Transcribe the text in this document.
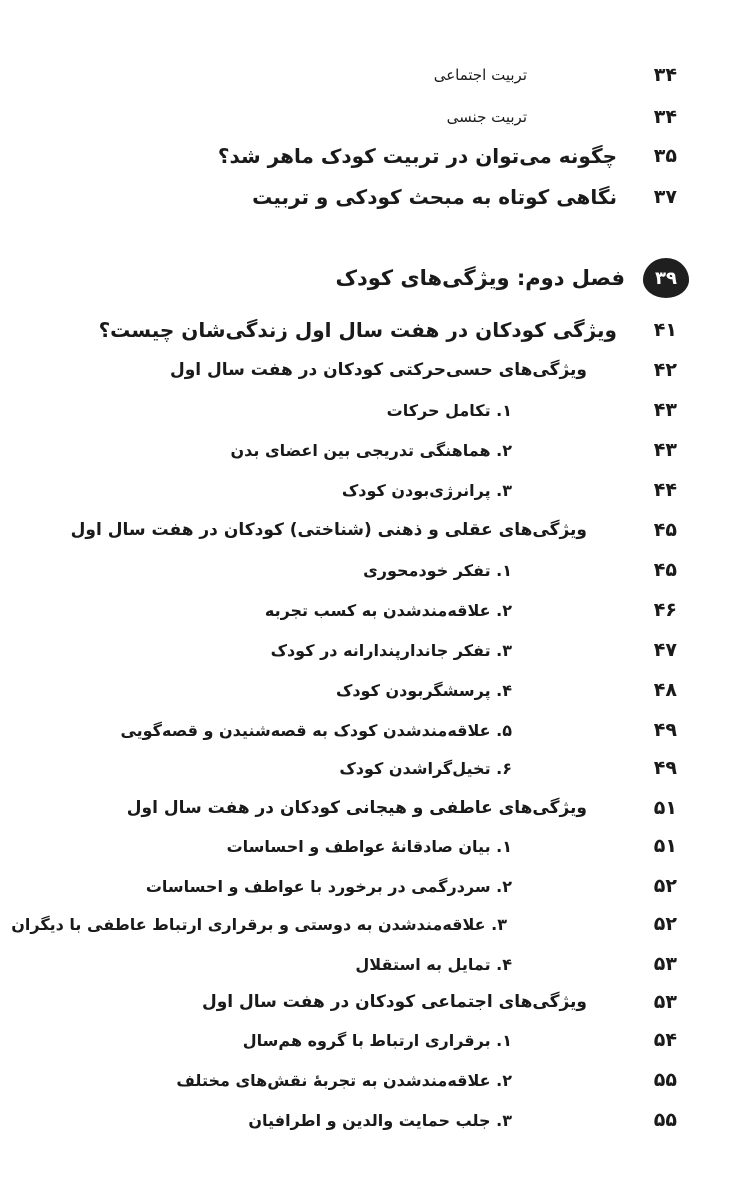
۳۴
تربیت اجتماعی
۳۴
تربیت جنسی
۳۵
چگونه می‌توان در تربیت کودک ماهر شد؟
۳۷
نگاهی کوتاه به مبحث کودکی و تربیت
۳۹
فصل دوم: ویژگی‌های کودک
۴۱
ویژگی کودکان در هفت سال اول زندگی‌شان چیست؟
۴۲
ویژگی‌های حسی‌حرکتی کودکان در هفت سال اول
۴۳
۱. تکامل حرکات
۴۳
۲. هماهنگی تدریجی بین اعضای بدن
۴۴
۳. پرانرژی‌بودن کودک
۴۵
ویژگی‌های عقلی و ذهنی (شناختی) کودکان در هفت سال اول
۴۵
۱. تفکر خودمحوری
۴۶
۲. علاقه‌مندشدن به کسب تجربه
۴۷
۳. تفکر جاندارپندارانه در کودک
۴۸
۴. پرسشگربودن کودک
۴۹
۵. علاقه‌مندشدن کودک به قصه‌شنیدن و قصه‌گویی
۴۹
۶. تخیل‌گراشدن کودک
۵۱
ویژگی‌های عاطفی و هیجانی کودکان در هفت سال اول
۵۱
۱. بیان صادقانهٔ عواطف و احساسات
۵۲
۲. سردرگمی در برخورد با عواطف و احساسات
۵۲
۳. علاقه‌مندشدن به دوستی و برقراری ارتباط عاطفی با دیگران
۵۳
۴. تمایل به استقلال
۵۳
ویژگی‌های اجتماعی کودکان در هفت سال اول
۵۴
۱. برقراری ارتباط با گروه هم‌سال
۵۵
۲. علاقه‌مندشدن به تجربهٔ نقش‌های مختلف
۵۵
۳. جلب حمایت والدین و اطرافیان
